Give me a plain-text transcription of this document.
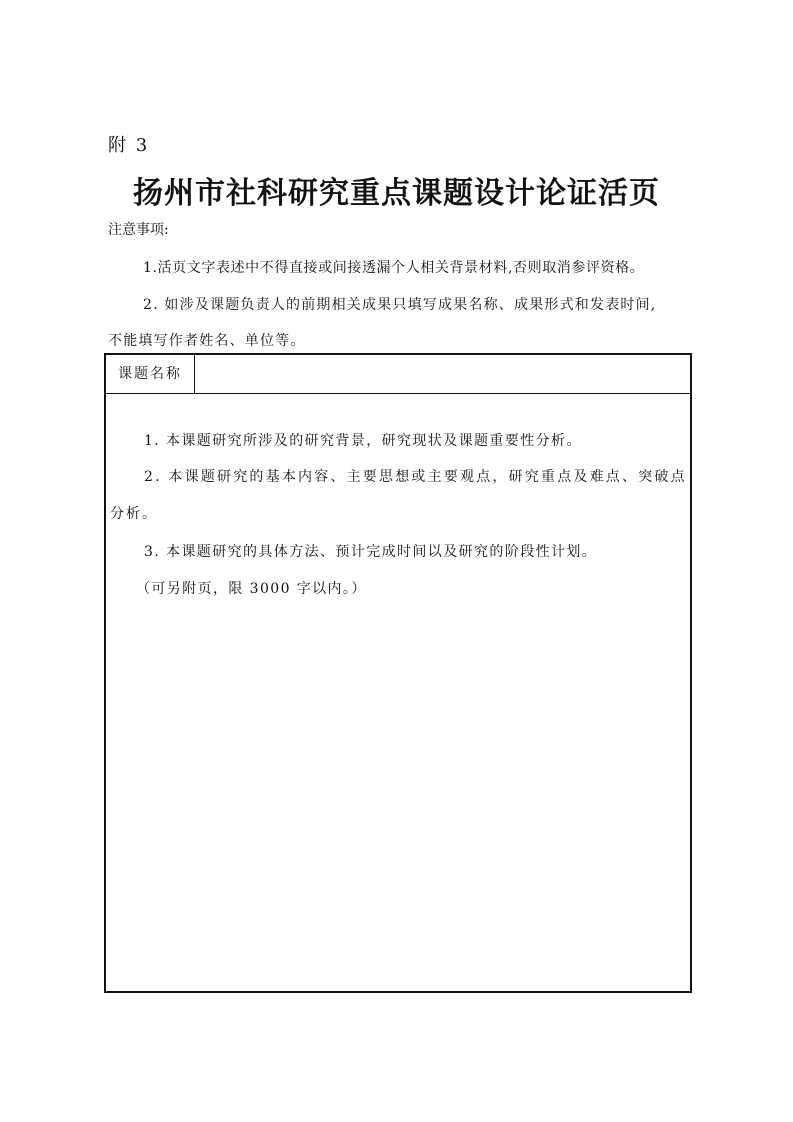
附 3
扬州市社科研究重点课题设计论证活页
注意事项:
1.活页文字表述中不得直接或间接透漏个人相关背景材料,否则取消参评资格。
2. 如涉及课题负责人的前期相关成果只填写成果名称、成果形式和发表时间,
不能填写作者姓名、单位等。
课题名称
1. 本课题研究所涉及的研究背景，研究现状及课题重要性分析。
2. 本课题研究的基本内容、主要思想或主要观点，研究重点及难点、突破点
分析。
3. 本课题研究的具体方法、预计完成时间以及研究的阶段性计划。
（可另附页，限 3000 字以内。）
